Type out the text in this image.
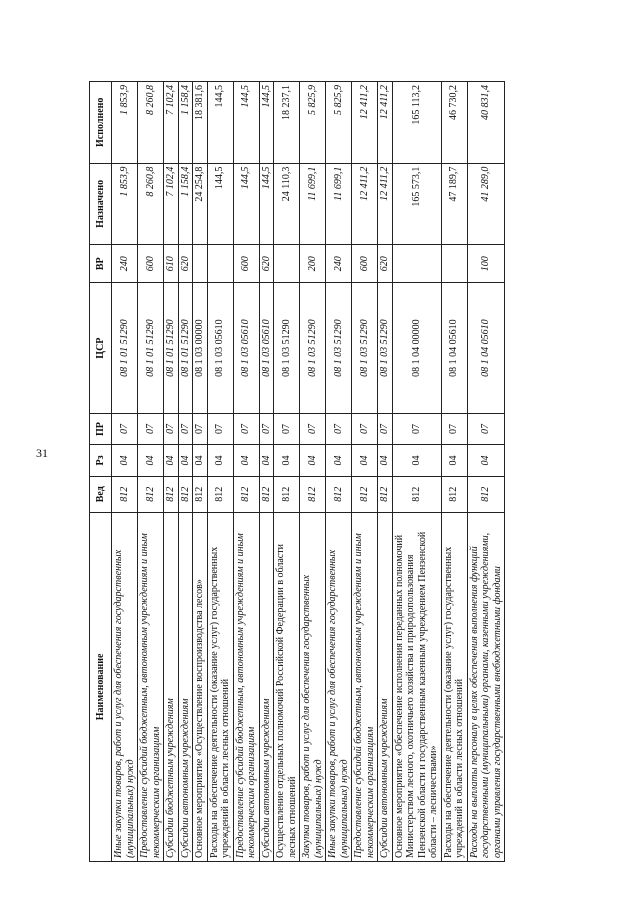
31
Наименование	Вед	Рз	ПР	ЦСР	ВР	Назначено	Исполнено
Иные закупки товаров, работ и услуг для обеспечения государственных (муниципальных) нужд	812	04	07	08 1 01 51290	240	1 853,9	1 853,9
Предоставление субсидий бюджетным, автономным учреждениям и иным некоммерческим организациям	812	04	07	08 1 01 51290	600	8 260,8	8 260,8
Субсидии бюджетным учреждениям	812	04	07	08 1 01 51290	610	7 102,4	7 102,4
Субсидии автономным учреждениям	812	04	07	08 1 01 51290	620	1 158,4	1 158,4
Основное мероприятие «Осуществление воспроизводства лесов»	812	04	07	08 1 03 00000		24 254,8	18 381,6
Расходы на обеспечение деятельности (оказание услуг) государственных учреждений в области лесных отношений	812	04	07	08 1 03 05610		144,5	144,5
Предоставление субсидий бюджетным, автономным учреждениям и иным некоммерческим организациям	812	04	07	08 1 03 05610	600	144,5	144,5
Субсидии автономным учреждениям	812	04	07	08 1 03 05610	620	144,5	144,5
Осуществление отдельных полномочий Российской Федерации в области лесных отношений	812	04	07	08 1 03 51290		24 110,3	18 237,1
Закупка товаров, работ и услуг для обеспечения государственных (муниципальных) нужд	812	04	07	08 1 03 51290	200	11 699,1	5 825,9
Иные закупки товаров, работ и услуг для обеспечения государственных (муниципальных) нужд	812	04	07	08 1 03 51290	240	11 699,1	5 825,9
Предоставление субсидий бюджетным, автономным учреждениям и иным некоммерческим организациям	812	04	07	08 1 03 51290	600	12 411,2	12 411,2
Субсидии автономным учреждениям	812	04	07	08 1 03 51290	620	12 411,2	12 411,2
Основное мероприятие «Обеспечение исполнения переданных полномочий Министерством лесного, охотничьего хозяйства и природопользования Пензенской области и государственным казенным учреждением Пензенской области – лесничествами»	812	04	07	08 1 04 00000		165 573,1	165 113,2
Расходы на обеспечение деятельности (оказание услуг) государственных учреждений в области лесных отношений	812	04	07	08 1 04 05610		47 189,7	46 730,2
Расходы на выплаты персоналу в целях обеспечения выполнения функций государственными (муниципальными) органами, казенными учреждениями, органами управления государственными внебюджетными фондами	812	04	07	08 1 04 05610	100	41 289,0	40 831,4
